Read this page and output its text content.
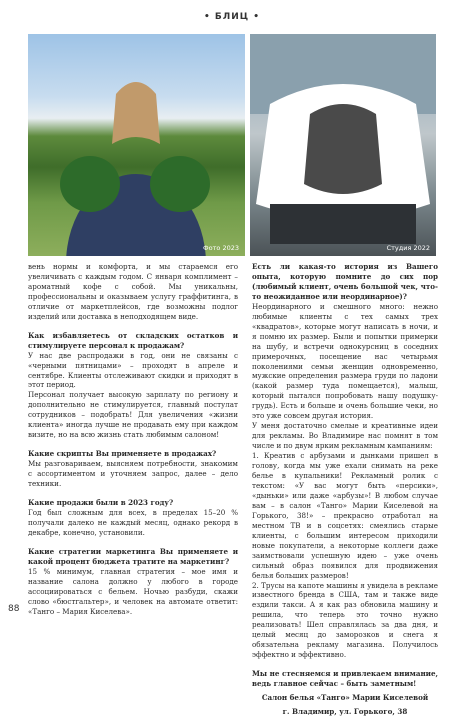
• БЛИЦ •
Фото 2023	Студия 2022

вень нормы и комфорта, и мы стараемся его увеличивать с каждым годом. С января комплимент – ароматный кофе с собой. Мы уникальны, профессиональны и оказываем услугу граффитинга, в отличие от маркетплейсов, где возможны подлог изделий или доставка в неподходящем виде.

Как избавляетесь от складских остатков и стимулируете персонал к продажам?

У нас две распродажи в год, они не связаны с «черными пятницами» – проходят в апреле и сентябре. Клиенты отслеживают скидки и приходят в этот период.

Персонал получает высокую зарплату по региону и дополнительно не стимулируется, главный постулат сотрудников – подобрать! Для увеличения «жизни клиента» иногда лучше не продавать ему при каждом визите, но на всю жизнь стать любимым салоном!

Какие скрипты Вы применяете в продажах?

Мы разговариваем, выясняем потребности, знакомим с ассортиментом и уточняем запрос, далее – дело техники.

Какие продажи были в 2023 году?

Год был сложным для всех, в пределах 15–20 % получали далеко не каждый месяц, однако рекорд в декабре, конечно, установили.

Какие стратегии маркетинга Вы применяете и какой процент бюджета тратите на маркетинг?

15 % минимум, главная стратегия – мое имя и название салона должно у любого в городе ассоциироваться с бельем. Ночью разбуди, скажи слово «бюстгальтер», и человек на автомате ответит: «Танго – Мария Киселева».

Есть ли какая-то история из Вашего опыта, которую помните до сих пор (любимый клиент, очень большой чек, что-то неожиданное или неординарное)?

Неординарного и смешного много: нежно любимые клиенты с тех самых трех «квадратов», которые могут написать в ночи, и я помню их размер. Были и попытки примерки на шубу, и встречи однокурсниц в соседних примерочных, посещение нас четырьмя поколениями семьи женщин одновременно, мужские определения размера груди по ладони (какой размер туда помещается), малыш, который пытался попробовать нашу подушку-грудь). Есть и больше и очень большие чеки, но это уже совсем другая история.

У меня достаточно смелые и креативные идеи для рекламы. Во Владимире нас помнят в том числе и по двум ярким рекламным кампаниям:

1. Креатив с арбузами и дынками пришел в голову, когда мы уже ехали снимать на реке белье в купальники! Рекламный ролик с текстом: «У вас могут быть «персики», «дыньки» или даже «арбузы»! В любом случае вам – в салон «Танго» Марии Киселевой на Горького, 38!» – прекрасно отработал на местном ТВ и в соцсетях: смеялись старые клиенты, с большим интересом приходили новые покупатели, а некоторые коллеги даже заимствовали успешную идею – уже очень сильный образ появился для продвижения белья больших размеров!

2. Трусы на капоте машины я увидела в рекламе известного бренда в США, там и также виде ездили такси. А я как раз обновила машину и решила, что теперь это точно нужно реализовать! Шел справлялась за два дня, и целый месяц до заморозков и снега я обязательна рекламу магазина. Получилось эффектно и эффективно.

Мы не стесняемся и привлекаем внимание, ведь главное сейчас – быть заметным!

Салон белья «Танго» Марии Киселевой

г. Владимир, ул. Горького, 38

88
